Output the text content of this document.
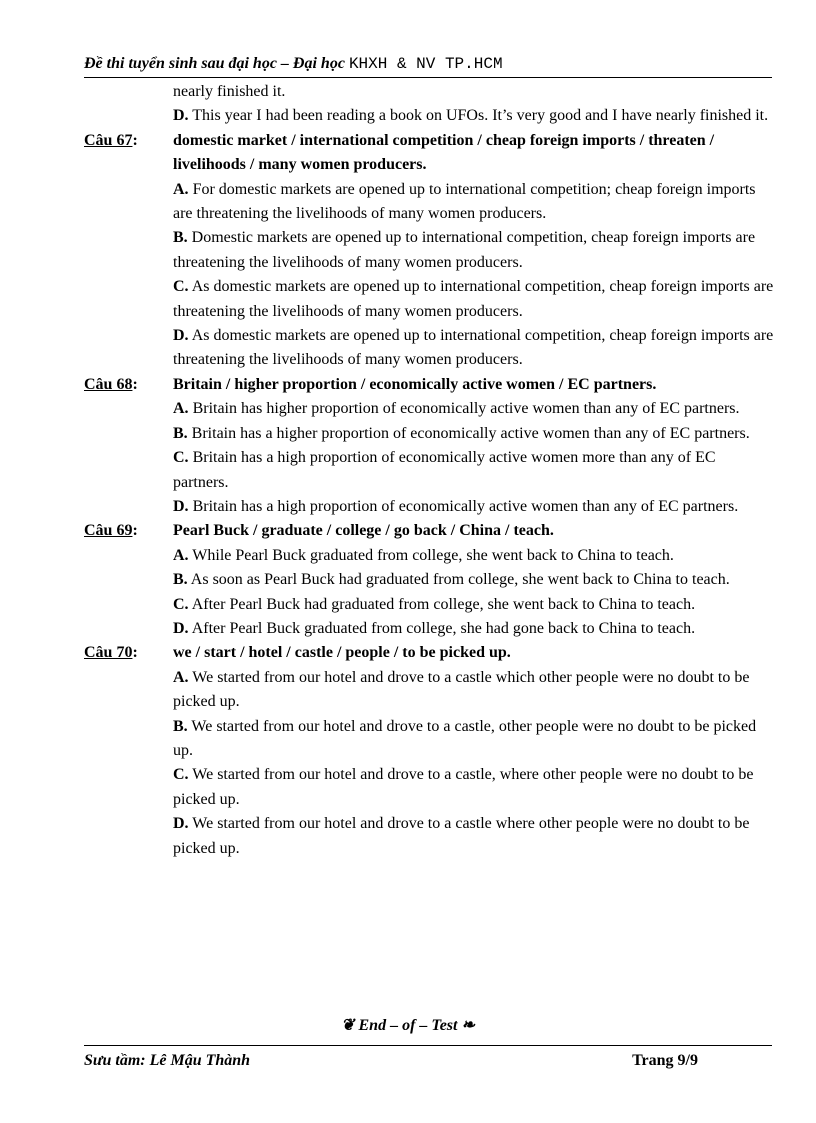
Đề thi tuyển sinh sau đại học – Đại học KHXH & NV TP.HCM
nearly finished it.
D. This year I had been reading a book on UFOs. It’s very good and I have nearly finished it.
Câu 67:	domestic market / international competition / cheap foreign imports / threaten / livelihoods / many women producers.
A. For domestic markets are opened up to international competition; cheap foreign imports are threatening the livelihoods of many women producers.
B. Domestic markets are opened up to international competition, cheap foreign imports are threatening the livelihoods of many women producers.
C. As domestic markets are opened up to international competition, cheap foreign imports are threatening the livelihoods of many women producers.
D. As domestic markets are opened up to international competition, cheap foreign imports are threatening the livelihoods of many women producers.
Câu 68:	Britain / higher proportion / economically active women / EC partners.
A. Britain has higher proportion of economically active women than any of EC partners.
B. Britain has a higher proportion of economically active women than any of EC partners.
C. Britain has a high proportion of economically active women more than any of EC partners.
D. Britain has a high proportion of economically active women than any of EC partners.
Câu 69:	Pearl Buck / graduate / college / go back / China / teach.
A. While Pearl Buck graduated from college, she went back to China to teach.
B. As soon as Pearl Buck had graduated from college, she went back to China to teach.
C. After Pearl Buck had graduated from college, she went back to China to teach.
D. After Pearl Buck graduated from college, she had gone back to China to teach.
Câu 70:	we / start / hotel / castle / people / to be picked up.
A. We started from our hotel and drove to a castle which other people were no doubt to be picked up.
B. We started from our hotel and drove to a castle, other people were no doubt to be picked up.
C. We started from our hotel and drove to a castle, where other people were no doubt to be picked up.
D. We started from our hotel and drove to a castle where other people were no doubt to be picked up.
❦ End – of – Test ❧
Sưu tầm: Lê Mậu Thành	Trang 9/9
